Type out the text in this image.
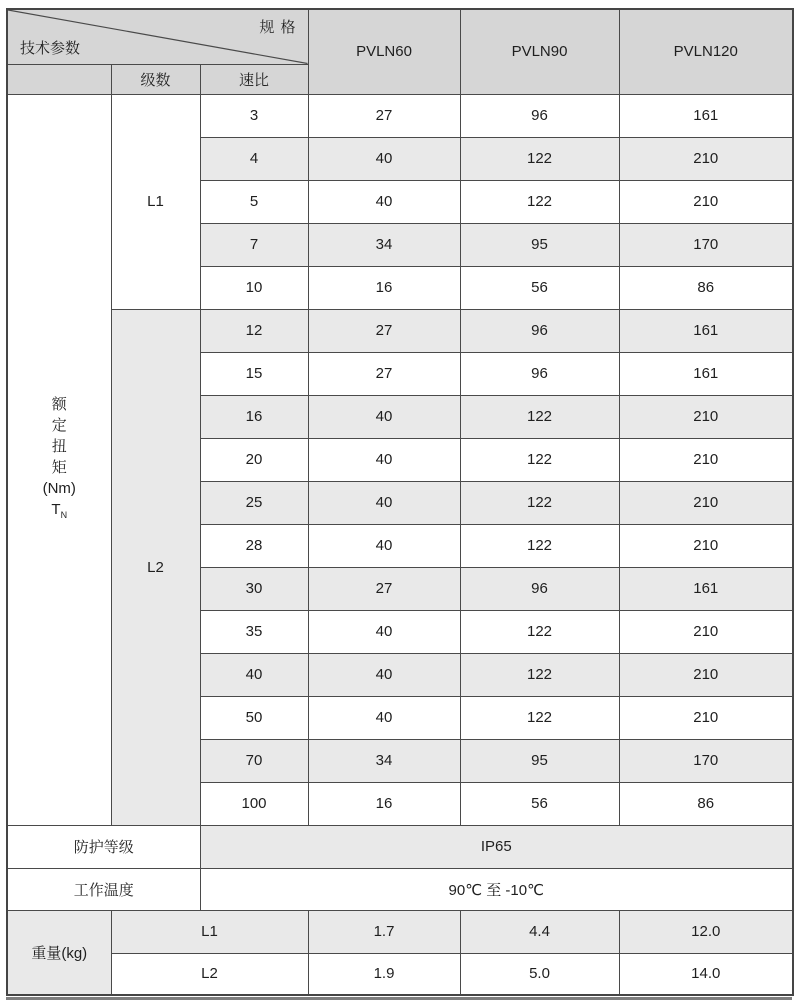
规 格
技术参数			PVLN60	PVLN90	PVLN120
	级数	速比			

额定扭矩
(Nm)
$T_N$	L1	3	27	96	161
		4	40	122	210
		5	40	122	210
		7	34	95	170
		10	16	56	86
	L2	12	27	96	161
		15	27	96	161
		16	40	122	210
		20	40	122	210
		25	40	122	210
		28	40	122	210
		30	27	96	161
		35	40	122	210
		40	40	122	210
		50	40	122	210
		70	34	95	170
		100	16	56	86
防护等级		IP65			
工作温度		90℃ 至 -10℃			
重量(kg)	L1		1.7	4.4	12.0
	L2		1.9	5.0	14.0
